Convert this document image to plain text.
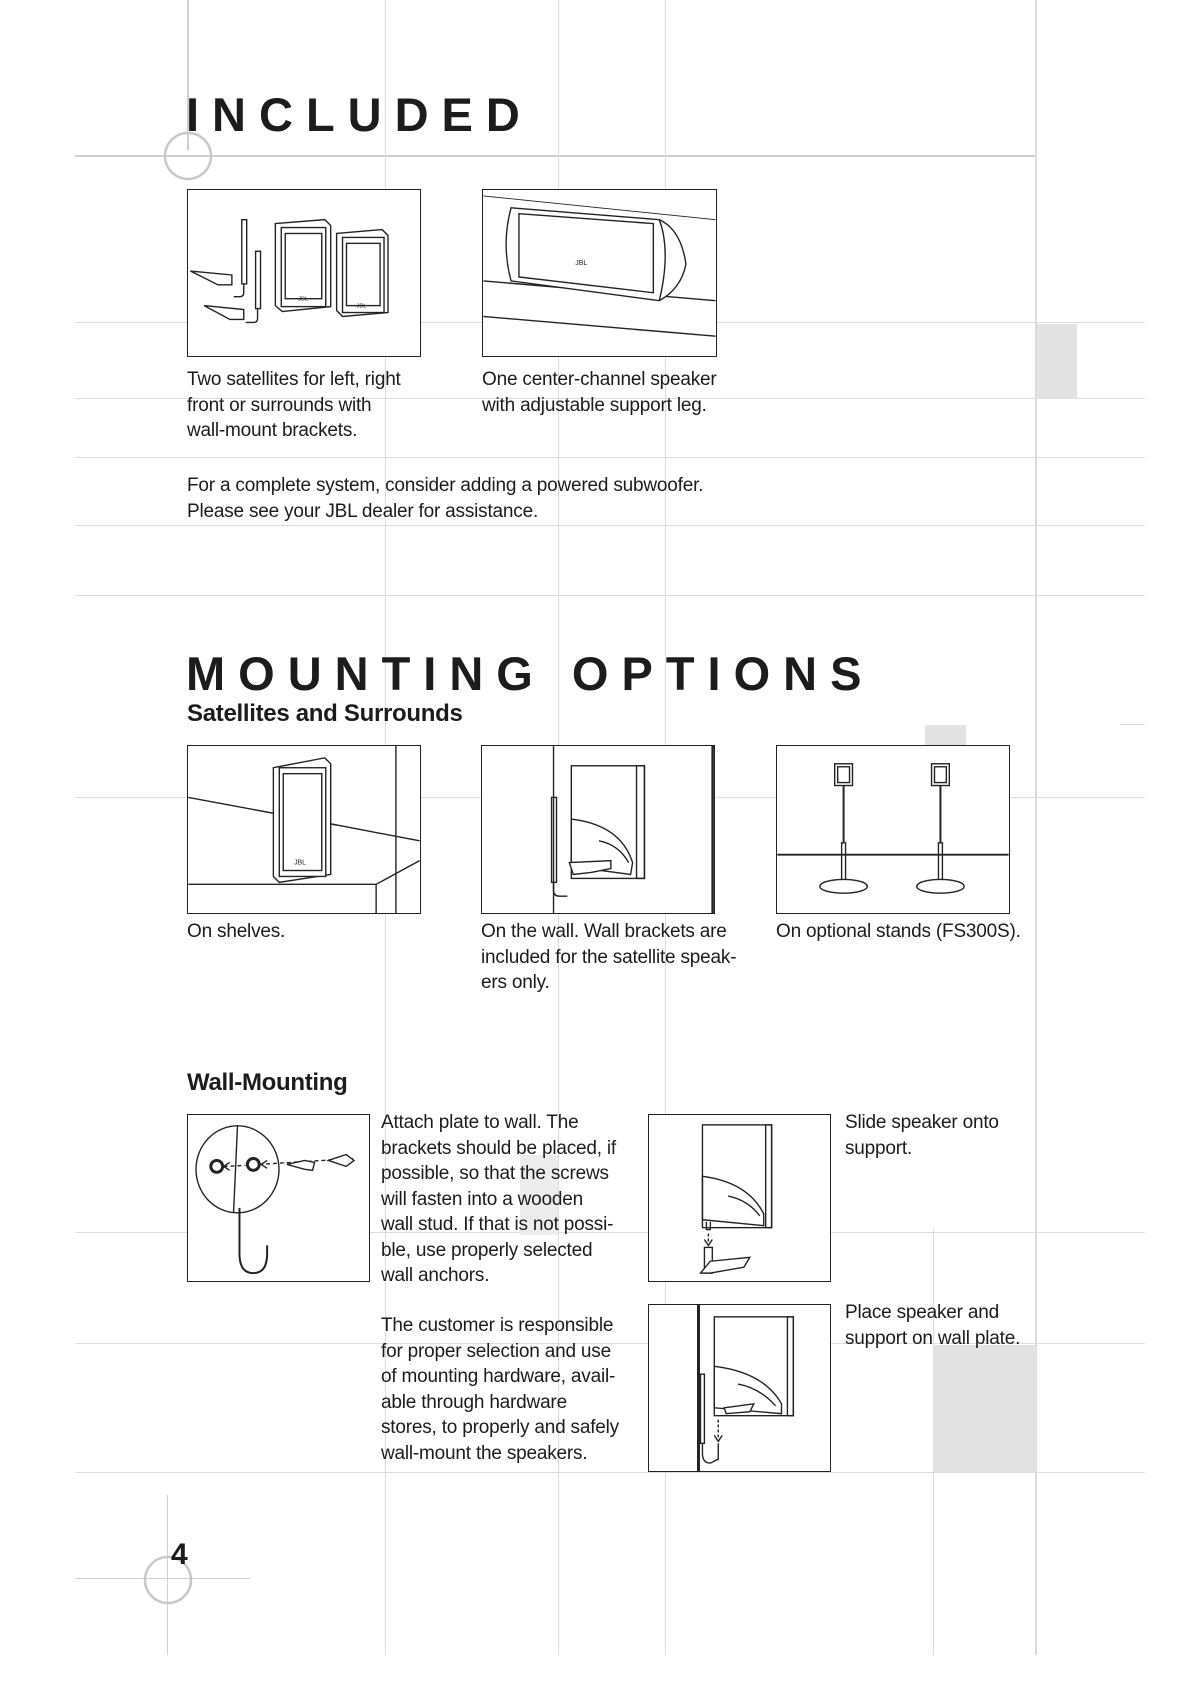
INCLUDED
JBL
JBL
JBL

Two satellites for left, right
front or surrounds with
wall-mount brackets.

One center-channel speaker
with adjustable support leg.

For a complete system, consider adding a powered subwoofer.
Please see your JBL dealer for assistance.

MOUNTING OPTIONS
Satellites and Surrounds
JBL

On shelves.	On the wall. Wall brackets are
included for the satellite speak-
ers only.

On optional stands (FS300S).

Wall-Mounting

Attach plate to wall. The
brackets should be placed, if
possible, so that the screws
will fasten into a wooden
wall stud. If that is not possi-
ble, use properly selected
wall anchors.

The customer is responsible
for proper selection and use
of mounting hardware, avail-
able through hardware
stores, to properly and safely
wall-mount the speakers.

Slide speaker onto
support.

Place speaker and
support on wall plate.

4
